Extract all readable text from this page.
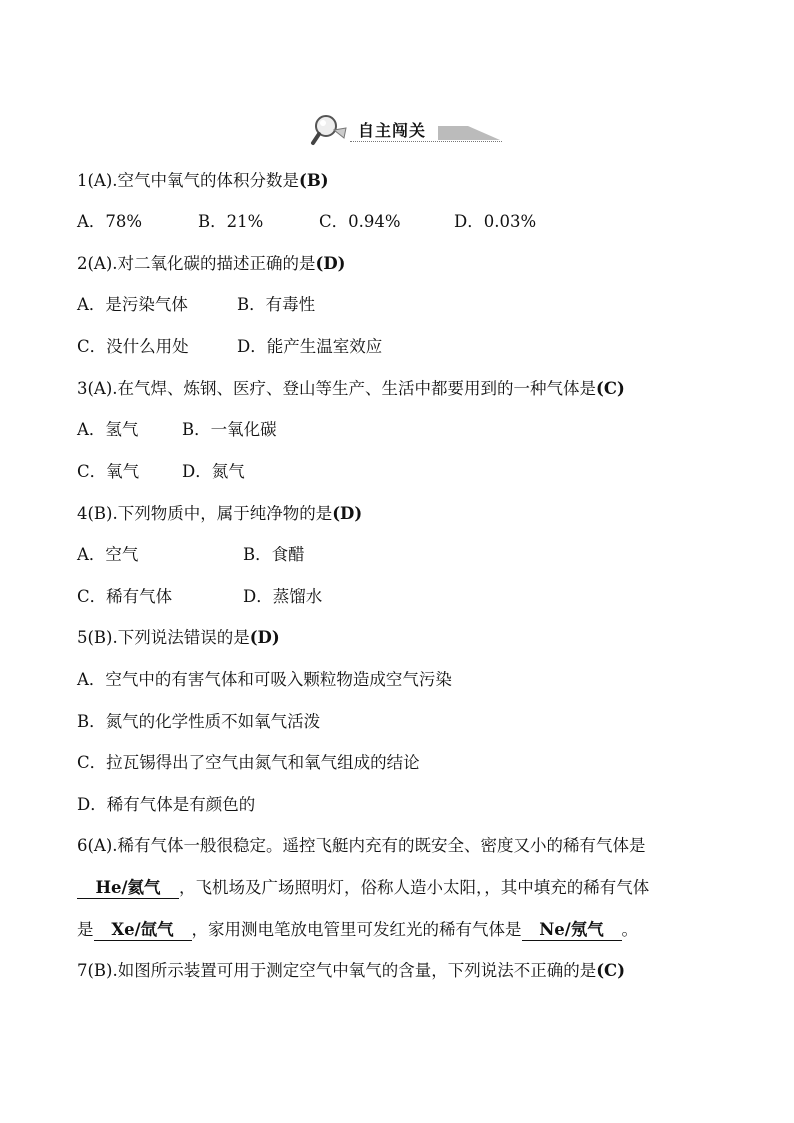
自主闯关
1(A).空气中氧气的体积分数是(B)
A．78%	B．21%	C．0.94%	D．0.03%
2(A).对二氧化碳的描述正确的是(D)
A．是污染气体	B．有毒性
C．没什么用处	D．能产生温室效应
3(A).在气焊、炼钢、医疗、登山等生产、生活中都要用到的一种气体是(C)
A．氢气	B．一氧化碳
C．氧气	D．氮气
4(B).下列物质中，属于纯净物的是(D)
A．空气	B．食醋
C．稀有气体	D．蒸馏水
5(B).下列说法错误的是(D)
A．空气中的有害气体和可吸入颗粒物造成空气污染
B．氮气的化学性质不如氧气活泼
C．拉瓦锡得出了空气由氮气和氧气组成的结论
D．稀有气体是有颜色的
6(A).稀有气体一般很稳定。遥控飞艇内充有的既安全、密度又小的稀有气体是
He/氦气 ，飞机场及广场照明灯，俗称人造小太阳，，其中填充的稀有气体
是 Xe/氙气 ，家用测电笔放电管里可发红光的稀有气体是 Ne/氖气 。
7(B).如图所示装置可用于测定空气中氧气的含量，下列说法不正确的是(C)
